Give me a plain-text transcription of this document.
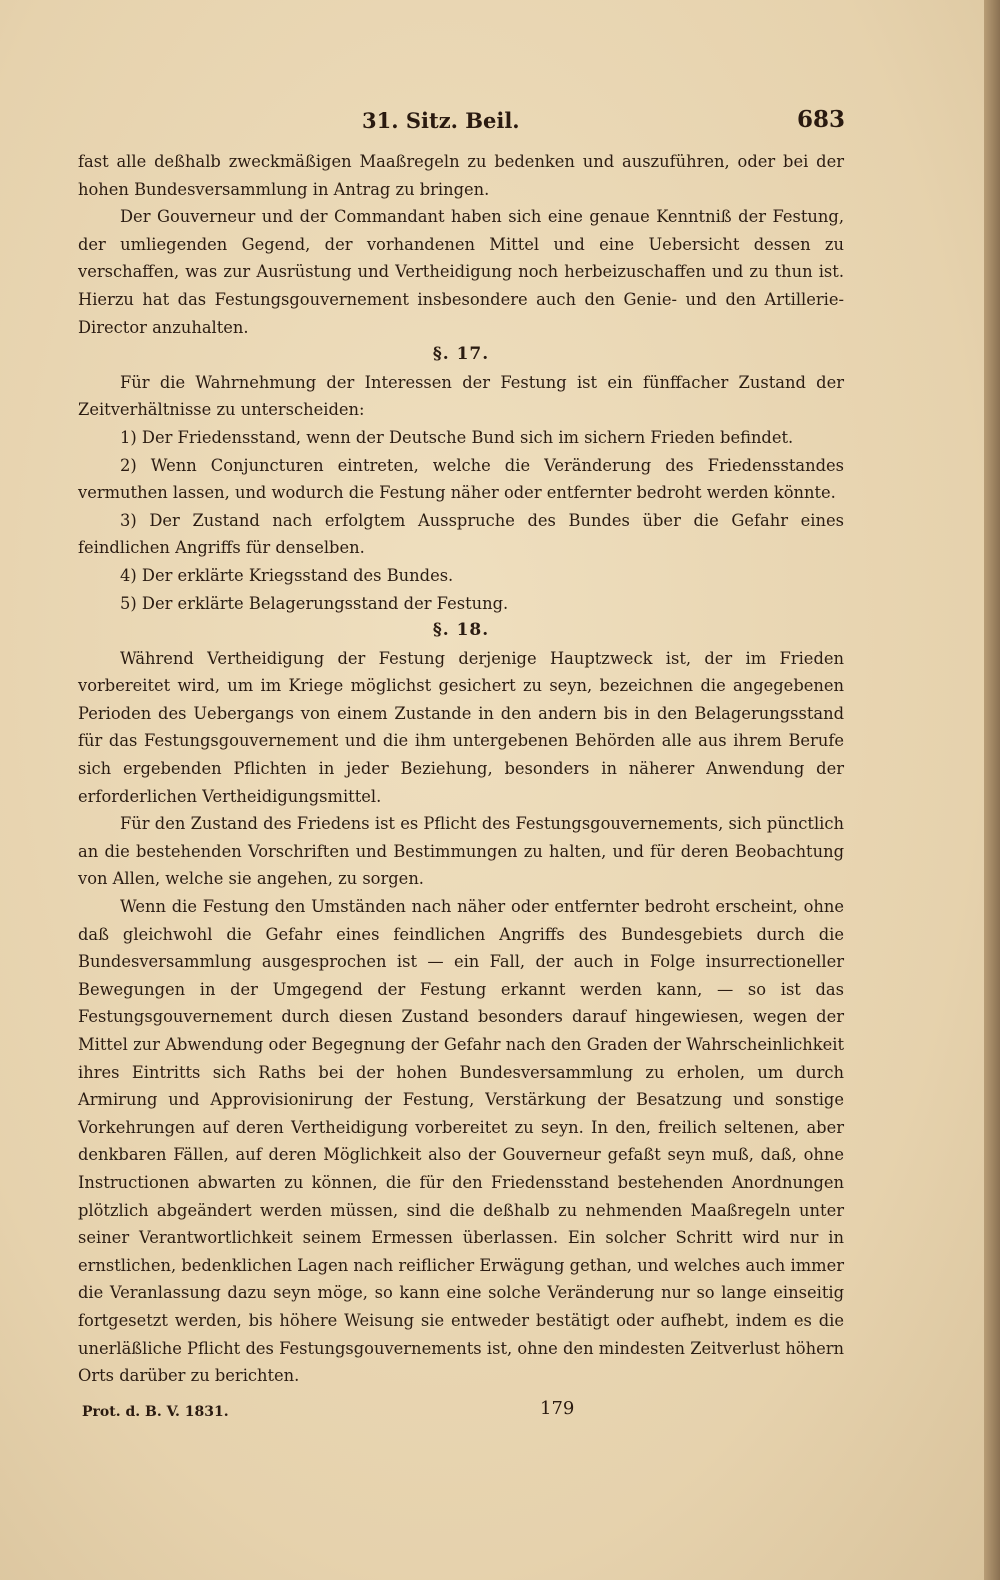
31. Sitz. Beil.	683

fast alle deßhalb zweckmäßigen Maaßregeln zu bedenken und auszuführen, oder bei der hohen Bundesversammlung in Antrag zu bringen.

Der Gouverneur und der Commandant haben sich eine genaue Kenntniß der Festung, der umliegenden Gegend, der vorhandenen Mittel und eine Uebersicht dessen zu verschaffen, was zur Ausrüstung und Vertheidigung noch herbeizuschaffen und zu thun ist. Hierzu hat das Festungsgouvernement insbesondere auch den Genie- und den Artillerie-Director anzuhalten.

§. 17.

Für die Wahrnehmung der Interessen der Festung ist ein fünffacher Zustand der Zeitverhältnisse zu unterscheiden:

1) Der Friedensstand, wenn der Deutsche Bund sich im sichern Frieden befindet.

2) Wenn Conjuncturen eintreten, welche die Veränderung des Friedensstandes vermuthen lassen, und wodurch die Festung näher oder entfernter bedroht werden könnte.

3) Der Zustand nach erfolgtem Ausspruche des Bundes über die Gefahr eines feindlichen Angriffs für denselben.

4) Der erklärte Kriegsstand des Bundes.

5) Der erklärte Belagerungsstand der Festung.

§. 18.

Während Vertheidigung der Festung derjenige Hauptzweck ist, der im Frieden vorbereitet wird, um im Kriege möglichst gesichert zu seyn, bezeichnen die angegebenen Perioden des Uebergangs von einem Zustande in den andern bis in den Belagerungsstand für das Festungsgouvernement und die ihm untergebenen Behörden alle aus ihrem Berufe sich ergebenden Pflichten in jeder Beziehung, besonders in näherer Anwendung der erforderlichen Vertheidigungsmittel.

Für den Zustand des Friedens ist es Pflicht des Festungsgouvernements, sich pünctlich an die bestehenden Vorschriften und Bestimmungen zu halten, und für deren Beobachtung von Allen, welche sie angehen, zu sorgen.

Wenn die Festung den Umständen nach näher oder entfernter bedroht erscheint, ohne daß gleichwohl die Gefahr eines feindlichen Angriffs des Bundesgebiets durch die Bundesversammlung ausgesprochen ist — ein Fall, der auch in Folge insurrectioneller Bewegungen in der Umgegend der Festung erkannt werden kann, — so ist das Festungsgouvernement durch diesen Zustand besonders darauf hingewiesen, wegen der Mittel zur Abwendung oder Begegnung der Gefahr nach den Graden der Wahrscheinlichkeit ihres Eintritts sich Raths bei der hohen Bundesversammlung zu erholen, um durch Armirung und Approvisionirung der Festung, Verstärkung der Besatzung und sonstige Vorkehrungen auf deren Vertheidigung vorbereitet zu seyn. In den, freilich seltenen, aber denkbaren Fällen, auf deren Möglichkeit also der Gouverneur gefaßt seyn muß, daß, ohne Instructionen abwarten zu können, die für den Friedensstand bestehenden Anordnungen plötzlich abgeändert werden müssen, sind die deßhalb zu nehmenden Maaßregeln unter seiner Verantwortlichkeit seinem Ermessen überlassen. Ein solcher Schritt wird nur in ernstlichen, bedenklichen Lagen nach reiflicher Erwägung gethan, und welches auch immer die Veranlassung dazu seyn möge, so kann eine solche Veränderung nur so lange einseitig fortgesetzt werden, bis höhere Weisung sie entweder bestätigt oder aufhebt, indem es die unerläßliche Pflicht des Festungsgouvernements ist, ohne den mindesten Zeitverlust höhern Orts darüber zu berichten.

Prot. d. B. V. 1831.	179
